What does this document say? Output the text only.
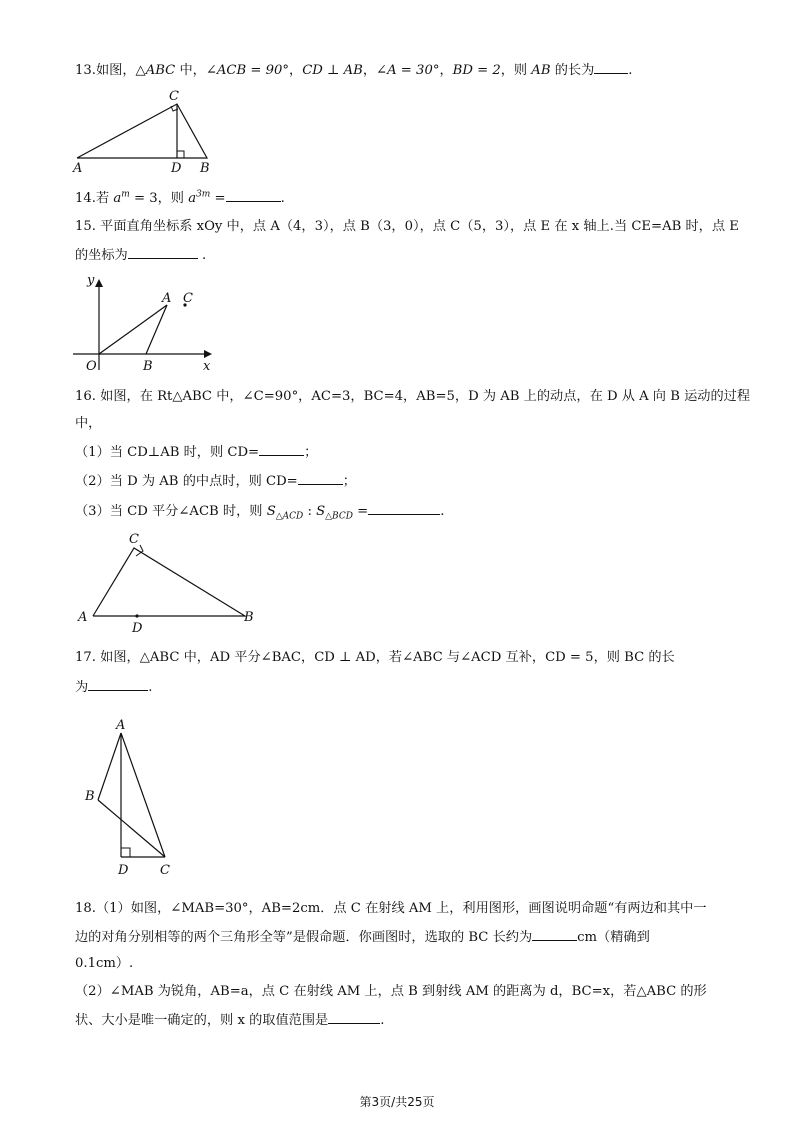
13.如图，△ABC 中，∠ACB = 90°，CD ⊥ AB，∠A = 30°，BD = 2，则 AB 的长为	.
A
C
D B
14.若 $a^m = 3$，则 $a^{3m}$ =	.
15. 平面直角坐标系 xOy 中，点 A（4，3），点 B（3，0），点 C（5，3），点 E 在 x 轴上.当 CE=AB 时，点 E
的坐标为	.
y
x
O
A
B
C
16. 如图，在 Rt△ABC 中，∠C=90°，AC=3，BC=4，AB=5，D 为 AB 上的动点，在 D 从 A 向 B 运动的过程
中，
（1）当 CD⊥AB 时，则 CD=	；
（2）当 D 为 AB 的中点时，则 CD=	；
（3）当 CD 平分∠ACB 时，则 $S_{\triangle ACD}$ : $S_{\triangle BCD}$ =	.
A
C
D
B
17. 如图，△ABC 中，AD 平分∠BAC，CD ⊥ AD，若∠ABC 与∠ACD 互补，CD = 5，则 BC 的长
为	.
A
B
D C
18.（1）如图，∠MAB=30°，AB=2cm．点 C 在射线 AM 上，利用图形，画图说明命题“有两边和其中一
边的对角分别相等的两个三角形全等”是假命题．你画图时，选取的 BC 长约为	cm（精确到
0.1cm）.
（2）∠MAB 为锐角，AB=a，点 C 在射线 AM 上，点 B 到射线 AM 的距离为 d，BC=x，若△ABC 的形
状、大小是唯一确定的，则 x 的取值范围是	.
第3页/共25页
